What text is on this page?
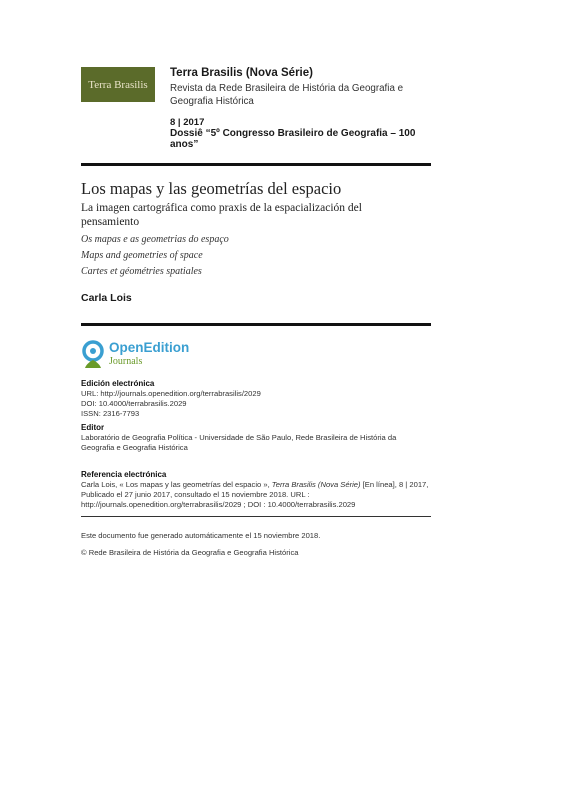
Terra Brasilis
Terra Brasilis (Nova Série)
Revista da Rede Brasileira de História da Geografia e Geografia Histórica
8 | 2017
Dossiê “5º Congresso Brasileiro de Geografia – 100 anos”
Los mapas y las geometrías del espacio
La imagen cartográfica como praxis de la espacialización del pensamiento
Os mapas e as geometrias do espaço
Maps and geometries of space
Cartes et géométries spatiales
Carla Lois
OpenEdition
Journals
Edición electrónica
URL: http://journals.openedition.org/terrabrasilis/2029
DOI: 10.4000/terrabrasilis.2029
ISSN: 2316-7793
Editor
Laboratório de Geografia Política - Universidade de São Paulo, Rede Brasileira de História da Geografia e Geografia Histórica
Referencia electrónica
Carla Lois, « Los mapas y las geometrías del espacio », Terra Brasilis (Nova Série) [En línea], 8 | 2017, Publicado el 27 junio 2017, consultado el 15 noviembre 2018. URL : http://journals.openedition.org/terrabrasilis/2029 ; DOI : 10.4000/terrabrasilis.2029
Este documento fue generado automáticamente el 15 noviembre 2018.
© Rede Brasileira de História da Geografia e Geografia Histórica
